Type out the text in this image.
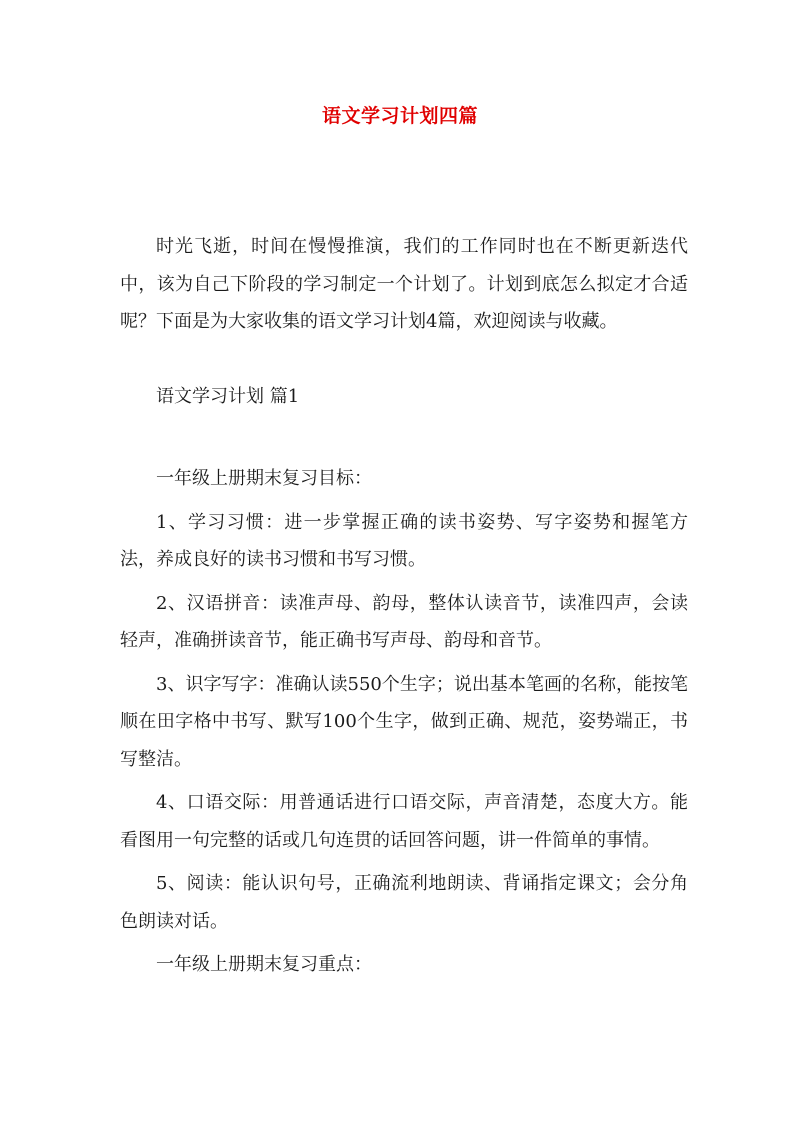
语文学习计划四篇

时光飞逝，时间在慢慢推演，我们的工作同时也在不断更新迭代中，该为自己下阶段的学习制定一个计划了。计划到底怎么拟定才合适呢？下面是为大家收集的语文学习计划4篇，欢迎阅读与收藏。

语文学习计划 篇1

一年级上册期末复习目标：

1、学习习惯：进一步掌握正确的读书姿势、写字姿势和握笔方法，养成良好的读书习惯和书写习惯。

2、汉语拼音：读准声母、韵母，整体认读音节，读准四声，会读轻声，准确拼读音节，能正确书写声母、韵母和音节。

3、识字写字：准确认读550个生字；说出基本笔画的名称，能按笔顺在田字格中书写、默写100个生字，做到正确、规范，姿势端正，书写整洁。

4、口语交际：用普通话进行口语交际，声音清楚，态度大方。能看图用一句完整的话或几句连贯的话回答问题，讲一件简单的事情。

5、阅读：能认识句号，正确流利地朗读、背诵指定课文；会分角色朗读对话。

一年级上册期末复习重点：
